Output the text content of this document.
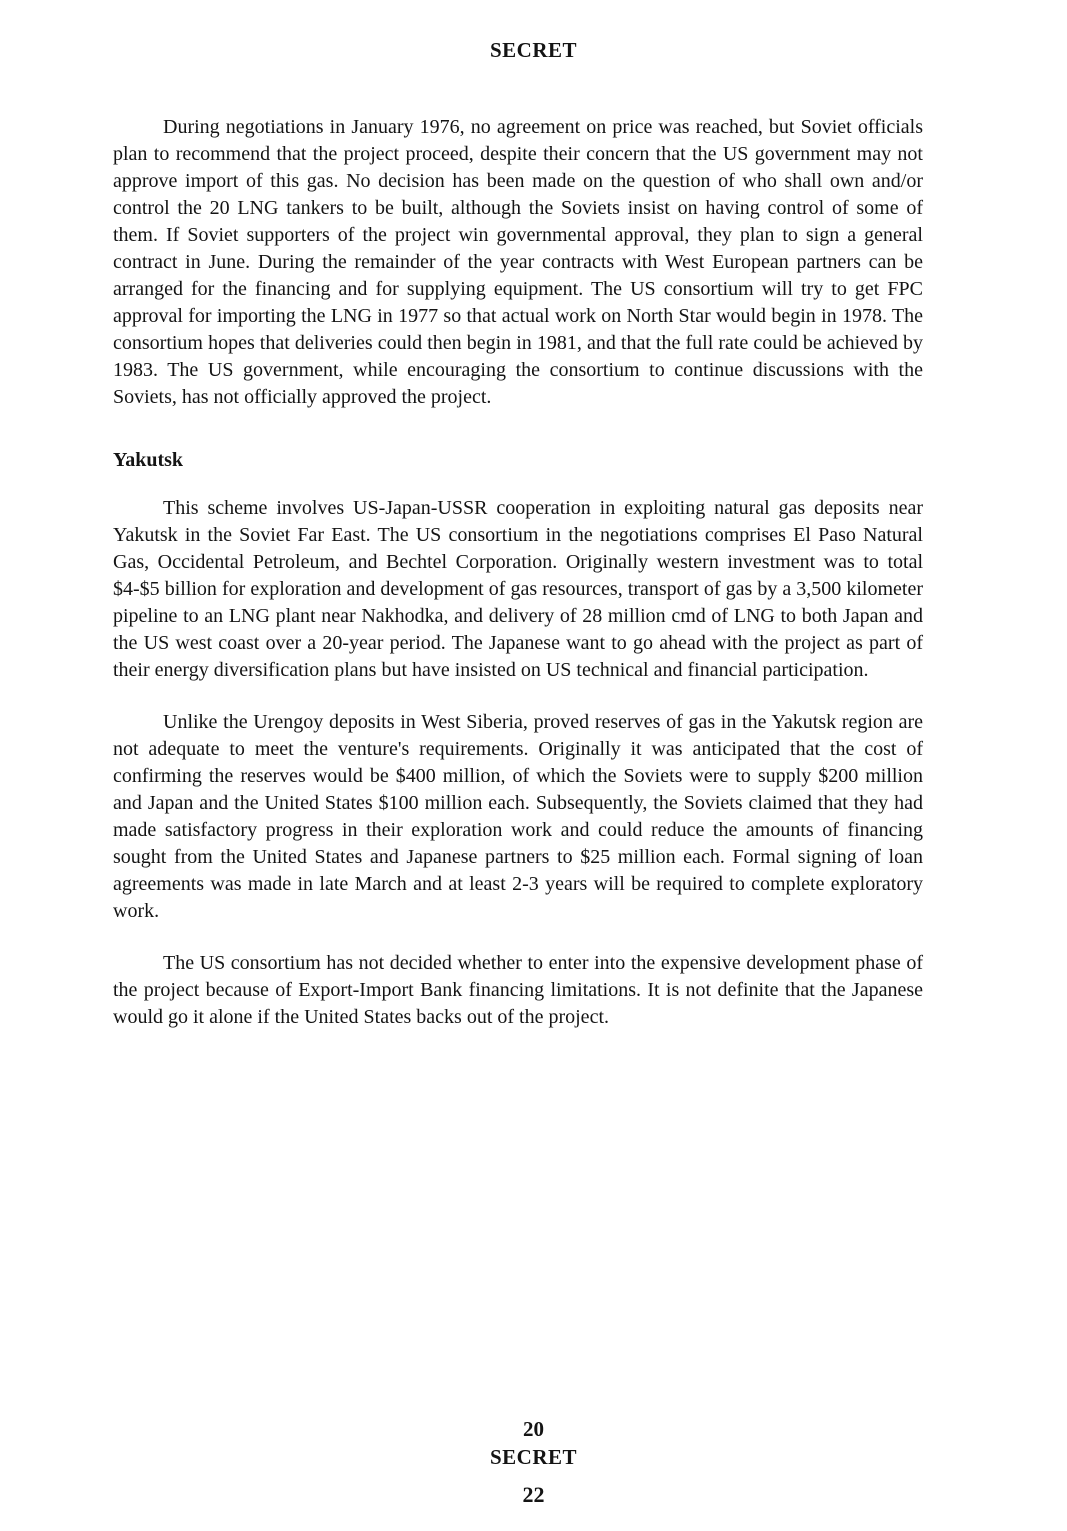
SECRET

During negotiations in January 1976, no agreement on price was reached, but Soviet officials plan to recommend that the project proceed, despite their concern that the US government may not approve import of this gas. No decision has been made on the question of who shall own and/or control the 20 LNG tankers to be built, although the Soviets insist on having control of some of them. If Soviet supporters of the project win governmental approval, they plan to sign a general contract in June. During the remainder of the year contracts with West European partners can be arranged for the financing and for supplying equipment. The US consortium will try to get FPC approval for importing the LNG in 1977 so that actual work on North Star would begin in 1978. The consortium hopes that deliveries could then begin in 1981, and that the full rate could be achieved by 1983. The US government, while encouraging the consortium to continue discussions with the Soviets, has not officially approved the project.

Yakutsk

This scheme involves US-Japan-USSR cooperation in exploiting natural gas deposits near Yakutsk in the Soviet Far East. The US consortium in the negotiations comprises El Paso Natural Gas, Occidental Petroleum, and Bechtel Corporation. Originally western investment was to total $4-$5 billion for exploration and development of gas resources, transport of gas by a 3,500 kilometer pipeline to an LNG plant near Nakhodka, and delivery of 28 million cmd of LNG to both Japan and the US west coast over a 20-year period. The Japanese want to go ahead with the project as part of their energy diversification plans but have insisted on US technical and financial participation.

Unlike the Urengoy deposits in West Siberia, proved reserves of gas in the Yakutsk region are not adequate to meet the venture's requirements. Originally it was anticipated that the cost of confirming the reserves would be $400 million, of which the Soviets were to supply $200 million and Japan and the United States $100 million each. Subsequently, the Soviets claimed that they had made satisfactory progress in their exploration work and could reduce the amounts of financing sought from the United States and Japanese partners to $25 million each. Formal signing of loan agreements was made in late March and at least 2-3 years will be required to complete exploratory work.

The US consortium has not decided whether to enter into the expensive development phase of the project because of Export-Import Bank financing limitations. It is not definite that the Japanese would go it alone if the United States backs out of the project.

20
SECRET
22
